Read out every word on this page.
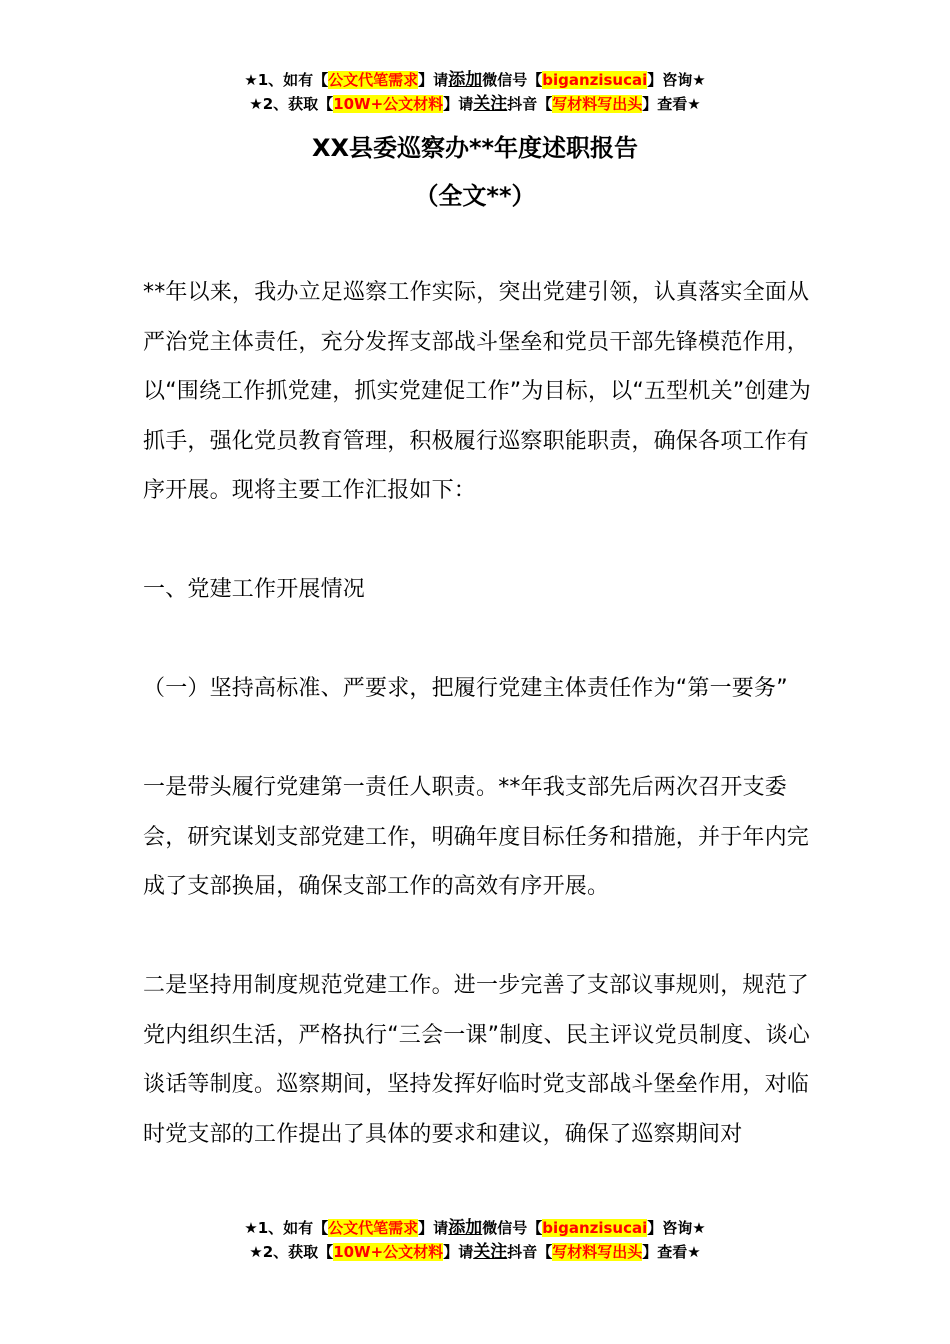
★1、如有【公文代笔需求】请添加微信号【biganzisucai】咨询★
★2、获取【10W+公文材料】请关注抖音【写材料写出头】查看★
XX县委巡察办**年度述职报告
（全文**）

**年以来，我办立足巡察工作实际，突出党建引领，认真落实全面从严治党主体责任，充分发挥支部战斗堡垒和党员干部先锋模范作用，以“围绕工作抓党建，抓实党建促工作”为目标，以“五型机关”创建为抓手，强化党员教育管理，积极履行巡察职能职责，确保各项工作有序开展。现将主要工作汇报如下：

一、党建工作开展情况

（一）坚持高标准、严要求，把履行党建主体责任作为“第一要务”

一是带头履行党建第一责任人职责。**年我支部先后两次召开支委会，研究谋划支部党建工作，明确年度目标任务和措施，并于年内完成了支部换届，确保支部工作的高效有序开展。

二是坚持用制度规范党建工作。进一步完善了支部议事规则，规范了党内组织生活，严格执行“三会一课”制度、民主评议党员制度、谈心谈话等制度。巡察期间，坚持发挥好临时党支部战斗堡垒作用，对临时党支部的工作提出了具体的要求和建议，确保了巡察期间对

★1、如有【公文代笔需求】请添加微信号【biganzisucai】咨询★
★2、获取【10W+公文材料】请关注抖音【写材料写出头】查看★
